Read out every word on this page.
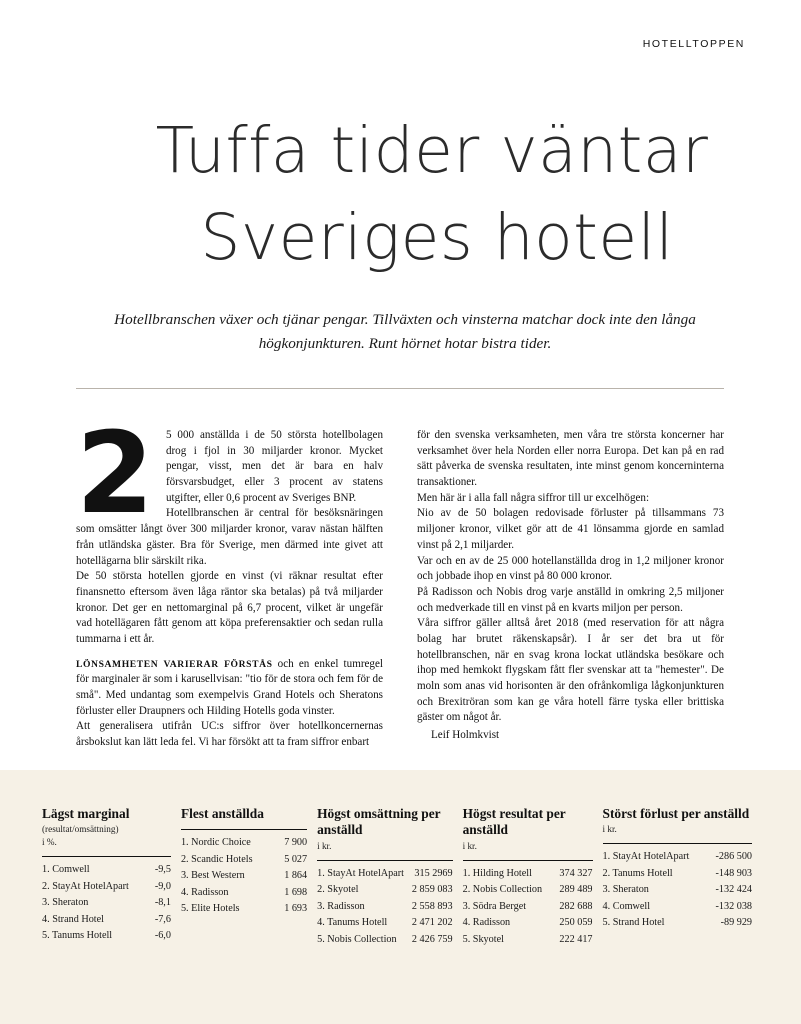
HOTELLTOPPEN
Tuffa tider väntar
Sveriges hotell
Hotellbranschen växer och tjänar pengar. Tillväxten och vinsterna matchar dock inte den långa högkonjunkturen. Runt hörnet hotar bistra tider.
2	5 000 anställda i de 50 största hotellbolagen drog i fjol in 30 miljarder kronor. Mycket pengar, visst, men det är bara en halv försvarsbudget, eller 3 procent av statens utgifter, eller 0,6 procent av Sveriges BNP.

Hotellbranschen är central för besöksnäringen som omsätter långt över 300 miljarder kronor, varav nästan hälften från utländska gäster. Bra för Sverige, men därmed inte givet att hotellägarna blir särskilt rika.

De 50 största hotellen gjorde en vinst (vi räknar resultat efter finansnetto eftersom även låga räntor ska betalas) på två miljarder kronor. Det ger en nettomarginal på 6,7 procent, vilket är ungefär vad hotellägaren fått genom att köpa preferensaktier och sedan rulla tummarna i ett år.

LÖNSAMHETEN VARIERAR FÖRSTÅS och en enkel tumregel för marginaler är som i karusellvisan: "tio för de stora och fem för de små". Med undantag som exempelvis Grand Hotels och Sheratons förluster eller Draupners och Hilding Hotells goda vinster.

Att generalisera utifrån UC:s siffror över hotellkoncernernas årsbokslut kan lätt leda fel. Vi har försökt att ta fram siffror enbart

för den svenska verksamheten, men våra tre största koncerner har verksamhet över hela Norden eller norra Europa. Det kan på en rad sätt påverka de svenska resultaten, inte minst genom koncerninterna transaktioner.

Men här är i alla fall några siffror till ur excelhögen:

Nio av de 50 bolagen redovisade förluster på tillsammans 73 miljoner kronor, vilket gör att de 41 lönsamma gjorde en samlad vinst på 2,1 miljarder.

Var och en av de 25 000 hotellanställda drog in 1,2 miljoner kronor och jobbade ihop en vinst på 80 000 kronor.

På Radisson och Nobis drog varje anställd in omkring 2,5 miljoner och medverkade till en vinst på en kvarts miljon per person.

Våra siffror gäller alltså året 2018 (med reservation för att några bolag har brutet räkenskapsår). I år ser det bra ut för hotellbranschen, när en svag krona lockat utländska besökare och ihop med hemkokt flygskam fått fler svenskar att ta "hemester". De moln som anas vid horisonten är den ofrånkomliga lågkonjunkturen och Brexitröran som kan ge våra hotell färre tyska eller brittiska gäster om något år.

Leif Holmkvist
Lägst marginal
(resultat/omsättning)
i %.
1. Comwell	-9,5
2. StayAt HotelApart	-9,0
3. Sheraton	-8,1
4. Strand Hotel	-7,6
5. Tanums Hotell	-6,0
Flest anställda
1. Nordic Choice	7 900
2. Scandic Hotels	5 027
3. Best Western	1 864
4. Radisson	1 698
5. Elite Hotels	1 693
Högst omsättning per anställd
i kr.
1. StayAt HotelApart	315 2969
2. Skyotel	2 859 083
3. Radisson	2 558 893
4. Tanums Hotell	2 471 202
5. Nobis Collection	2 426 759
Högst resultat per anställd
i kr.
1. Hilding Hotell	374 327
2. Nobis Collection	289 489
3. Södra Berget	282 688
4. Radisson	250 059
5. Skyotel	222 417
Störst förlust per anställd
i kr.
1. StayAt HotelApart	-286 500
2. Tanums Hotell	-148 903
3. Sheraton	-132 424
4. Comwell	-132 038
5. Strand Hotel	-89 929
